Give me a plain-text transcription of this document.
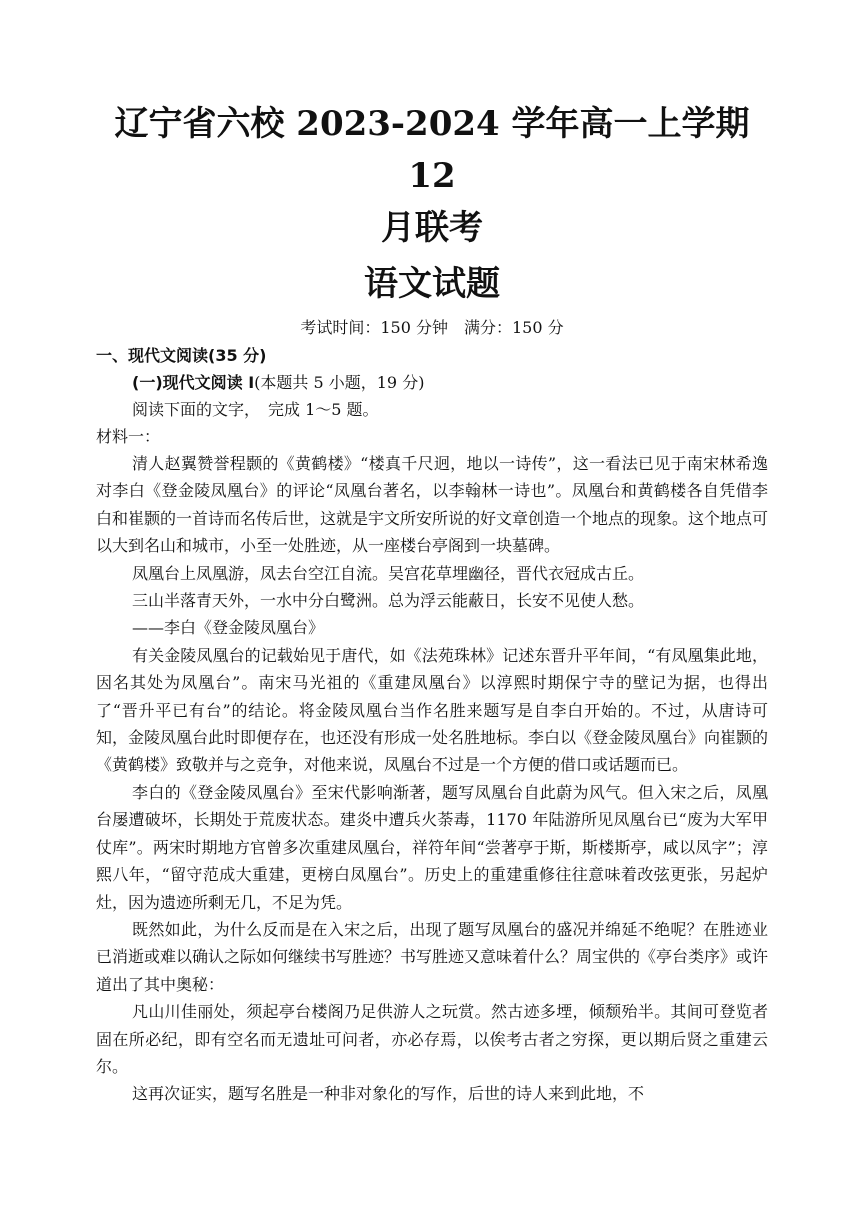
辽宁省六校 2023-2024 学年高一上学期 12
月联考
语文试题
考试时间：150 分钟　满分：150 分
一、现代文阅读(35 分)
(一)现代文阅读 I(本题共 5 小题，19 分)
阅读下面的文字，　完成 1～5 题。
材料一：

清人赵翼赞誉程颢的《黄鹤楼》“楼真千尺迥，地以一诗传”，这一看法已见于南宋林希逸对李白《登金陵凤凰台》的评论“凤凰台著名，以李翰林一诗也”。凤凰台和黄鹤楼各自凭借李白和崔颢的一首诗而名传后世，这就是宇文所安所说的好文章创造一个地点的现象。这个地点可以大到名山和城市，小至一处胜迹，从一座楼台亭阁到一块墓碑。

凤凰台上凤凰游，凤去台空江自流。吴宫花草埋幽径，晋代衣冠成古丘。
三山半落青天外，一水中分白鹭洲。总为浮云能蔽日，长安不见使人愁。
——李白《登金陵凤凰台》

有关金陵凤凰台的记载始见于唐代，如《法苑珠林》记述东晋升平年间，“有凤凰集此地，因名其处为凤凰台”。南宋马光祖的《重建凤凰台》以淳熙时期保宁寺的壁记为据，也得出了“晋升平已有台”的结论。将金陵凤凰台当作名胜来题写是自李白开始的。不过，从唐诗可知，金陵凤凰台此时即便存在，也还没有形成一处名胜地标。李白以《登金陵凤凰台》向崔颢的《黄鹤楼》致敬并与之竞争，对他来说，凤凰台不过是一个方便的借口或话题而已。

李白的《登金陵凤凰台》至宋代影响渐著，题写凤凰台自此蔚为风气。但入宋之后，凤凰台屡遭破坏，长期处于荒废状态。建炎中遭兵火荼毒，1170 年陆游所见凤凰台已“废为大军甲仗库”。两宋时期地方官曾多次重建凤凰台，祥符年间“尝著亭于斯，斯楼斯亭，咸以凤字”；淳熙八年，“留守范成大重建，更榜白凤凰台”。历史上的重建重修往往意味着改弦更张，另起炉灶，因为遗迹所剩无几，不足为凭。

既然如此，为什么反而是在入宋之后，出现了题写凤凰台的盛况并绵延不绝呢？在胜迹业已消逝或难以确认之际如何继续书写胜迹？书写胜迹又意味着什么？周宝供的《亭台类序》或许道出了其中奥秘：

凡山川佳丽处，须起亭台楼阁乃足供游人之玩赏。然古迹多堙，倾颓殆半。其间可登览者固在所必纪，即有空名而无遗址可问者，亦必存焉，以俟考古者之穷探，更以期后贤之重建云尔。

这再次证实，题写名胜是一种非对象化的写作，后世的诗人来到此地，不
